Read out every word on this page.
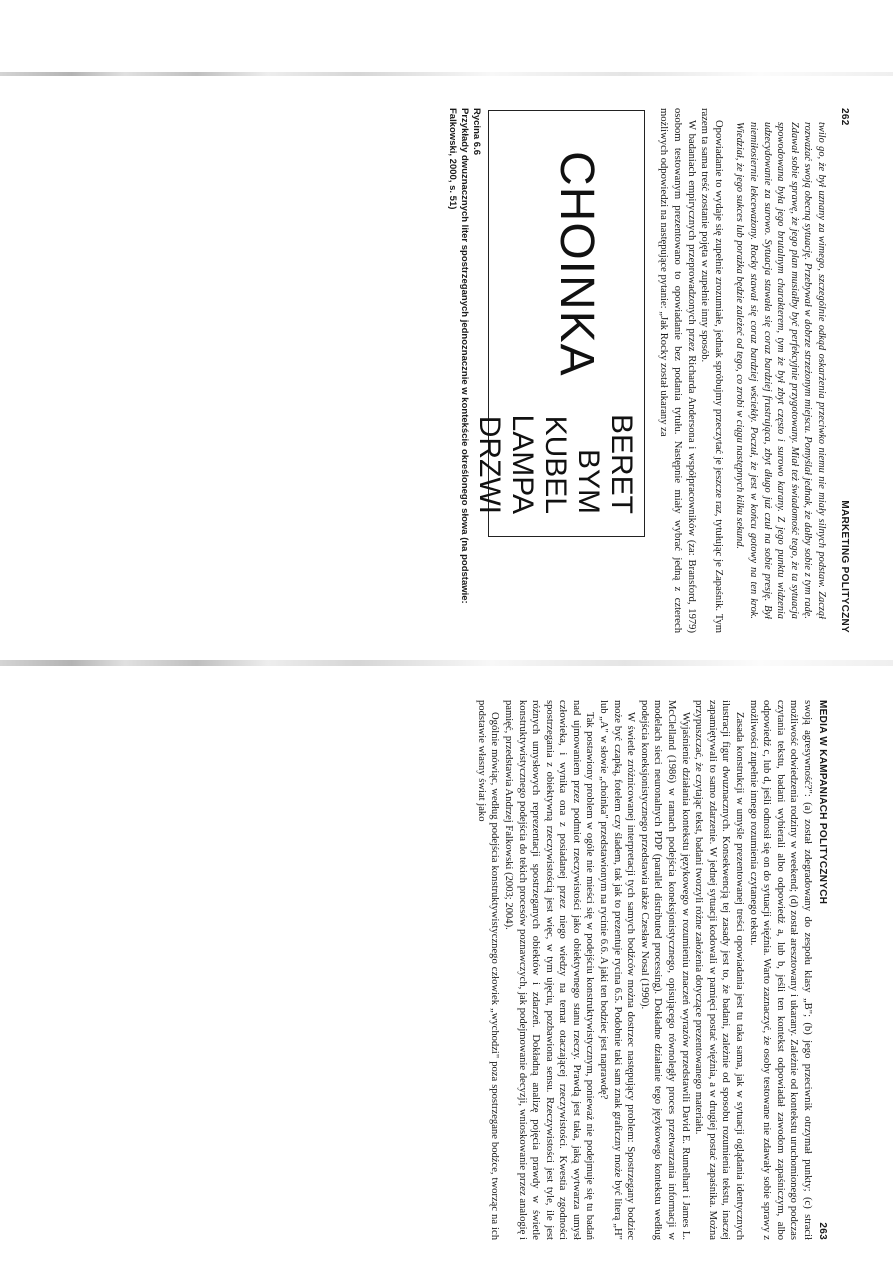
262
MARKETING POLITYCZNY

twilo go, że był uznany za wimego, szczególnie odkąd oskarżenia przeciwko niemu nie miały silnych podstaw. Zaczął rozważać swoją obecną sytuację. Przebywał w dobrze strzeżonym miejscu. Pomyślał jednak, że dałby sobie z tym radę. Zdawał sobie sprawę, że jego plan musiałby być perfekcyjnie przygotowany. Miał też świadomość tego, że ta sytuacja spowodowana była jego brutalnym charakterem, tym że był zbyt często i surowo karany. Z jego punktu widzenia udzecydowanie za surowo. Sytuacja stawała się coraz bardziej frustrująca, zbyt długo już czuł na sobie presję. Był niemiłosiernie lekceważony. Rocky stawał się coraz bardziej wściekły. Poczuł, że jest w końcu gotowy na ten krok. Wiedział, że jego sukces lub porażka będzie zależeć od tego, co zrobi w ciągu następnych kilku sekund.

Opowiadanie to wydaje się zupełnie zrozumiałe, jednak spróbujmy przeczytać je jeszcze raz, tytułując je Zapaśnik. Tym razem ta sama treść zostanie pojęta w zupełnie inny sposób.

W badaniach empirycznych przeprowadzonych przez Richarda Andersona i współpracowników (za: Bransford, 1979) osobom testowanym prezentowano to opowiadanie bez podania tytułu. Następnie miały wybrać jedną z czterech możliwych odpowiedzi na następujące pytanie: „Jak Rocky został ukarany za

CHOINKA
BERET
BYM
KUBEL
LAMPA
DRZWI
Rycina 6.6
Przykłady dwuznacznych liter spostrzeganych jednoznacznie w kontekście określonego słowa (na podstawie: Falkowski, 2000, s. 51)
MEDIA W KAMPANIACH POLITYCZNYCH
263

swoją agresywność?": (a) został zdegradowany do zespołu klasy „B"; (b) jego przeciwnik otrzymał punkty; (c) stracił możliwość odwiedzenia rodziny w weekend; (d) został aresztowany i ukarany. Zależnie od kontekstu uruchomionego podczas czytania tekstu, badani wybierali albo odpowiedź a, lub b, jeśli ten kontekst odpowiadał zawodom zapaśniczym, albo odpowiedź c, lub d, jeśli odnosił się on do sytuacji więźnia. Warto zaznaczyć, że osoby testowane nie zdawały sobie sprawy z możliwości zupełnie innego rozumienia czytanego tekstu.

Zasada konstrukcji w umyśle prezentowanej treści opowiadania jest tu taka sama, jak w sytuacji oglądania identycznych ilustracji figur dwuznacznych. Konsekwencją tej zasady jest to, że badani, zależnie od sposobu rozumienia tekstu, inaczej zapamiętywali to samo zdarzenie. W jednej sytuacji kodowali w pamięci postać więźnia, a w drugiej postać zapaśnika. Można przypuszczać, że czytając tekst, badani tworzyli różne założenia dotyczące prezentowanego materiału.

Wyjaśnienie działania kontekstu językowego w rozumieniu znaczeń wyrazów przedstawili David E. Rumelhart i James L. McClelland (1986) w ramach podejścia koneksjonistycznego, opisującego równoległy proces przetwarzania informacji w modelach sieci neuronalnych PDP (parallel distributed processing). Dokładne działanie tego językowego kontekstu według podejścia koneksjonistycznego przedstawia także Czesław Nosal (1990).

W świetle zróżnicowanej interpretacji tych samych bodźców można dostrzec następujący problem: Spostrzegany bodziec może być czapką, fotelem czy śladem, tak jak to prezentuje rycina 6.5. Podobnie taki sam znak graficzny może być literą „H" lub „A" w słowie „choinka" przedstawionym na rycinie 6.6. A jaki ten bodziec jest naprawdę?

Tak postawiony problem w ogóle nie mieści się w podejściu konstruktywistycznym, ponieważ nie podejmuje się tu badań nad ujmowaniem przez podmiot rzeczywistości jako obiektywnego stanu rzeczy. Prawdą jest taka, jaką wytwarza umysł człowieka, i wynika ona z posiadanej przez niego wiedzy na temat otaczającej rzeczywistości. Kwestia zgodności spostrzegania z obiektywną rzeczywistością jest więc, w tym ujęciu, pozbawiona sensu. Rzeczywistości jest tyle, ile jest różnych umysłowych reprezentacji spostrzeganych obiektów i zdarzeń. Dokładną analizę pojęcia prawdy w świetle konstruktywistycznego podejścia do tekich procesów poznawczych, jak podejmowanie decyzji, wnioskowanie przez analogię i pamięć, przedstawia Andrzej Falkowski (2003; 2004).

Ogólnie mówiąc, według podejścia konstruktywistycznego człowiek „wychodzi" poza spostrzegane bodźce, tworząc na ich podstawie własny świat jako
